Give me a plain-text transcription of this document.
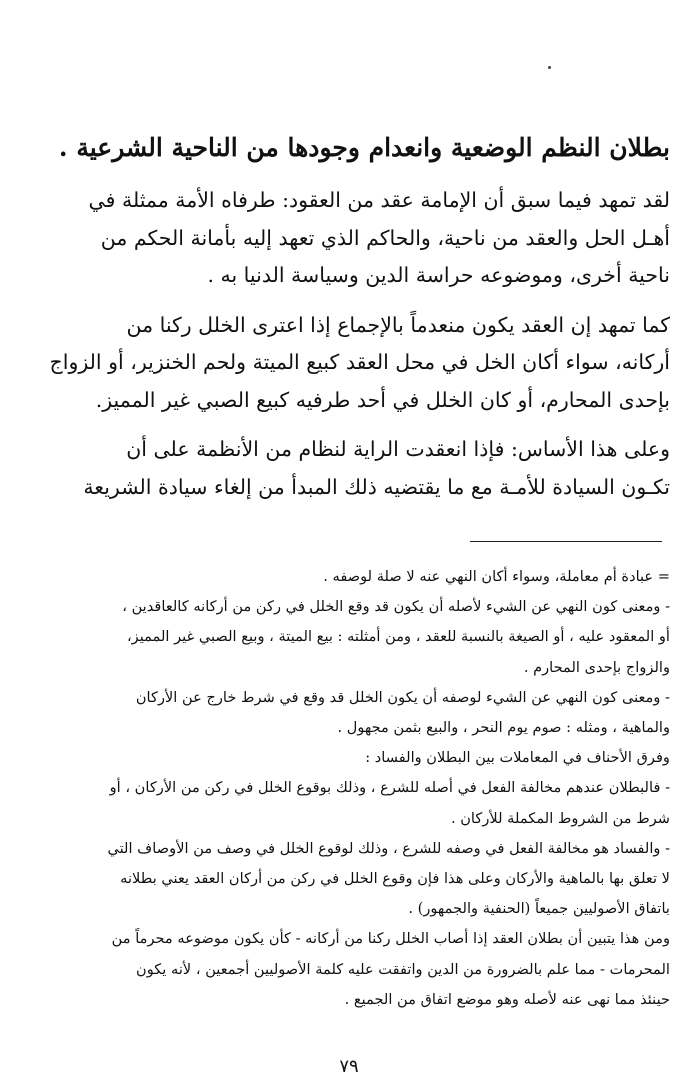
بطلان النظم الوضعية وانعدام وجودها من الناحية الشرعية .

لقد تمهد فيما سبق أن الإمامة عقد من العقود: طرفاه الأمة ممثلة في
أهـل الحل والعقد من ناحية، والحاكم الذي تعهد إليه بأمانة الحكم من
ناحية أخرى، وموضوعه حراسة الدين وسياسة الدنيا به .

كما تمهد إن العقد يكون منعدماً بالإجماع إذا اعترى الخلل ركنا من
أركانه، سواء أكان الخل في محل العقد كبيع الميتة ولحم الخنزير، أو الزواج
بإحدى المحارم، أو كان الخلل في أحد طرفيه كبيع الصبي غير المميز.

وعلى هذا الأساس: فإذا انعقدت الراية لنظام من الأنظمة على أن
تكـون السيادة للأمـة مع ما يقتضيه ذلك المبدأ من إلغاء سيادة الشريعة

= عبادة أم معاملة، وسواء أكان النهي عنه لا صلة لوصفه .
- ومعنى كون النهي عن الشيء لأصله أن يكون قد وقع الخلل في ركن من أركانه كالعاقدين ،
أو المعقود عليه ، أو الصيغة بالنسبة للعقد ، ومن أمثلته : بيع الميتة ، وبيع الصبي غير المميز،
والزواج بإحدى المحارم .
- ومعنى كون النهي عن الشيء لوصفه أن يكون الخلل قد وقع في شرط خارج عن الأركان
والماهية ، ومثله : صوم يوم النحر ، والبيع بثمن مجهول .
وفرق الأحناف في المعاملات بين البطلان والفساد :
- فالبطلان عندهم مخالفة الفعل في أصله للشرع ، وذلك بوقوع الخلل في ركن من الأركان ، أو
شرط من الشروط المكملة للأركان .
- والفساد هو مخالفة الفعل في وصفه للشرع ، وذلك لوقوع الخلل في وصف من الأوصاف التي
لا تعلق بها بالماهية والأركان وعلى هذا فإن وقوع الخلل في ركن من أركان العقد يعني بطلانه
باتفاق الأصوليين جميعاً (الحنفية والجمهور) .
ومن هذا يتبين أن بطلان العقد إذا أصاب الخلل ركنا من أركانه - كأن يكون موضوعه محرماً من
المحرمات - مما علم بالضرورة من الدين واتفقت عليه كلمة الأصوليين أجمعين ، لأنه يكون
حينئذ مما نهى عنه لأصله وهو موضع اتفاق من الجميع .
٧٩
